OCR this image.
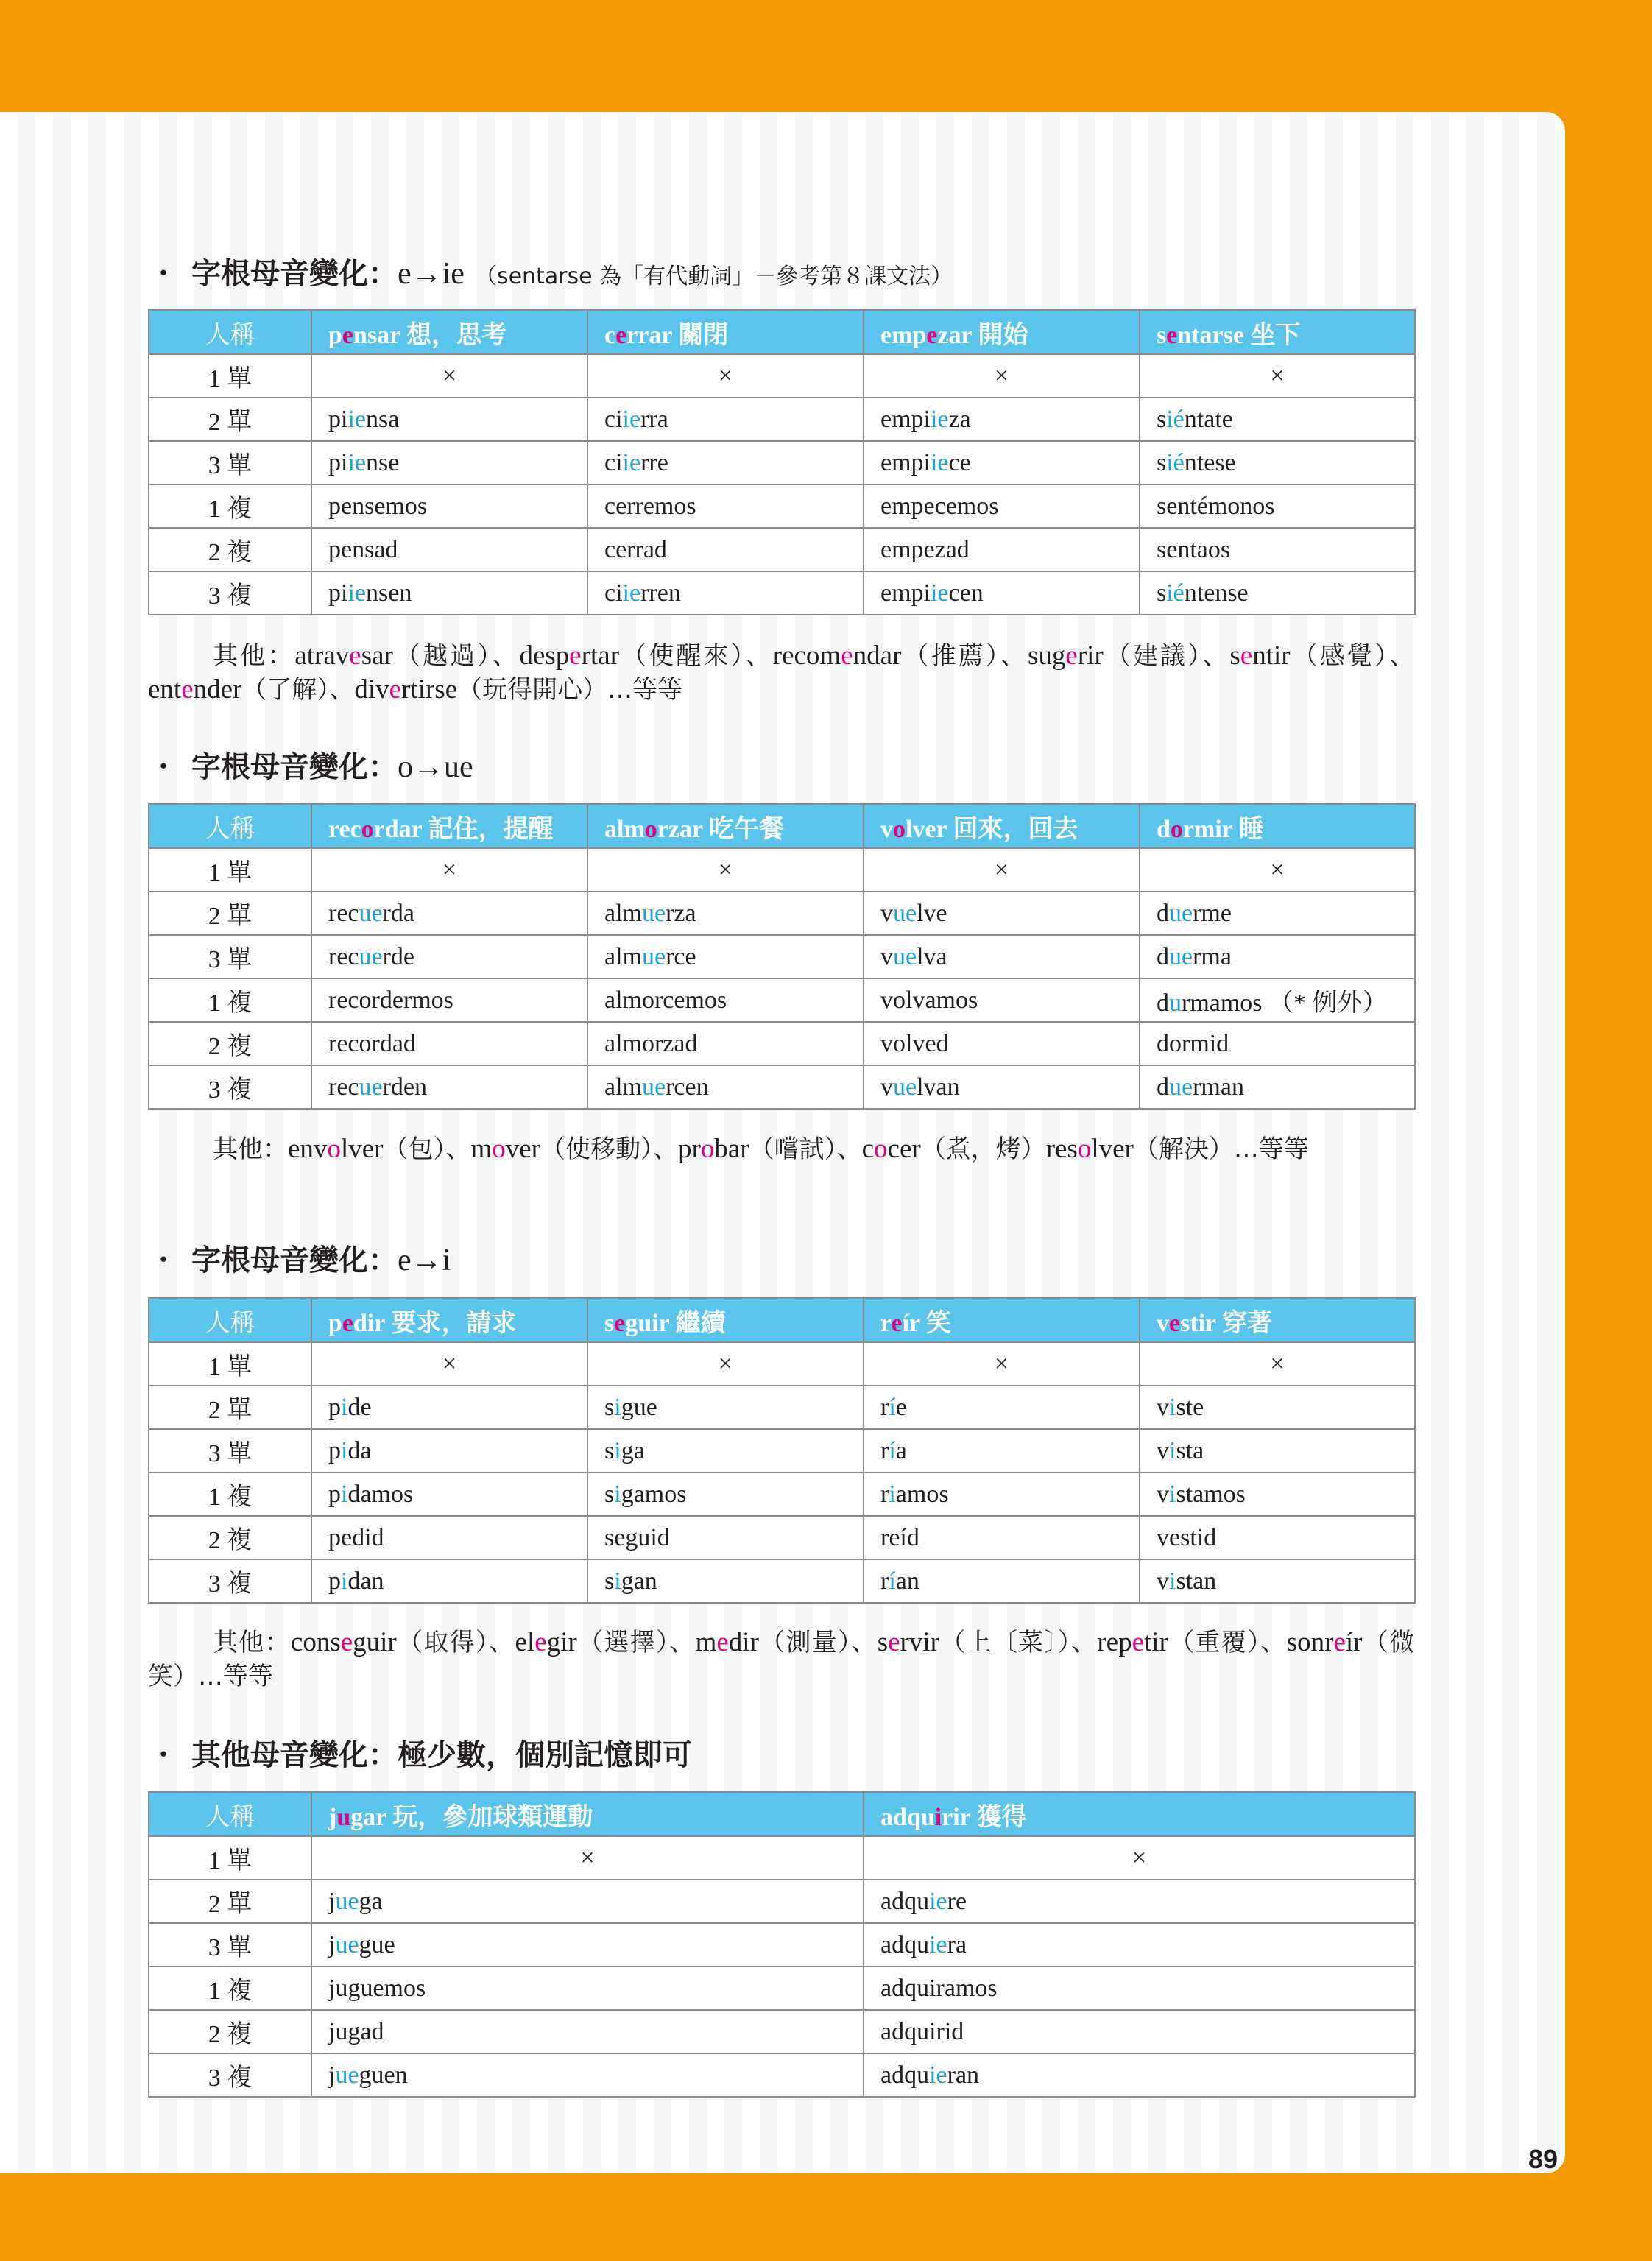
・ 字根母音變化：e→ie （sentarse 為「有代動詞」－參考第８課文法）
人稱	pensar 想，思考	cerrar 關閉	empezar 開始	sentarse 坐下
1 單	×	×	×	×
2 單	piiensa	ciierra	empiieza	siéntate
3 單	piiense	ciierre	empiiece	siéntese
1 複	pensemos	cerremos	empecemos	sentémonos
2 複	pensad	cerrad	empezad	sentaos
3 複	piiensen	ciierren	empiiecen	siéntense
其他：atravesar（越過）、despertar（使醒來）、recomendar（推薦）、sugerir（建議）、sentir（感覺）、entender（了解）、divertirse（玩得開心）…等等
・ 字根母音變化：o→ue
人稱	recordar 記住，提醒	almorzar 吃午餐	volver 回來，回去	dormir 睡
1 單	×	×	×	×
2 單	recuerda	almuerza	vuelve	duerme
3 單	recuerde	almuerce	vuelva	duerma
1 複	recordermos	almorcemos	volvamos	durmamos （* 例外）
2 複	recordad	almorzad	volved	dormid
3 複	recuerden	almuercen	vuelvan	duerman
其他：envolver（包）、mover（使移動）、probar（嚐試）、cocer（煮，烤）resolver（解決）…等等
・ 字根母音變化：e→i
人稱	pedir 要求，請求	seguir 繼續	reír 笑	vestir 穿著
1 單	×	×	×	×
2 單	pide	sigue	ríe	viste
3 單	pida	siga	ría	vista
1 複	pidamos	sigamos	riamos	vistamos
2 複	pedid	seguid	reíd	vestid
3 複	pidan	sigan	rían	vistan
其他：conseguir（取得）、elegir（選擇）、medir（測量）、servir（上〔菜〕）、repetir（重覆）、sonreír（微笑）…等等
・ 其他母音變化：極少數，個別記憶即可
人稱	jugar 玩，參加球類運動	adquirir 獲得
1 單	×	×
2 單	juega	adquiere
3 單	juegue	adquiera
1 複	juguemos	adquiramos
2 複	jugad	adquirid
3 複	jueguen	adquieran
89
